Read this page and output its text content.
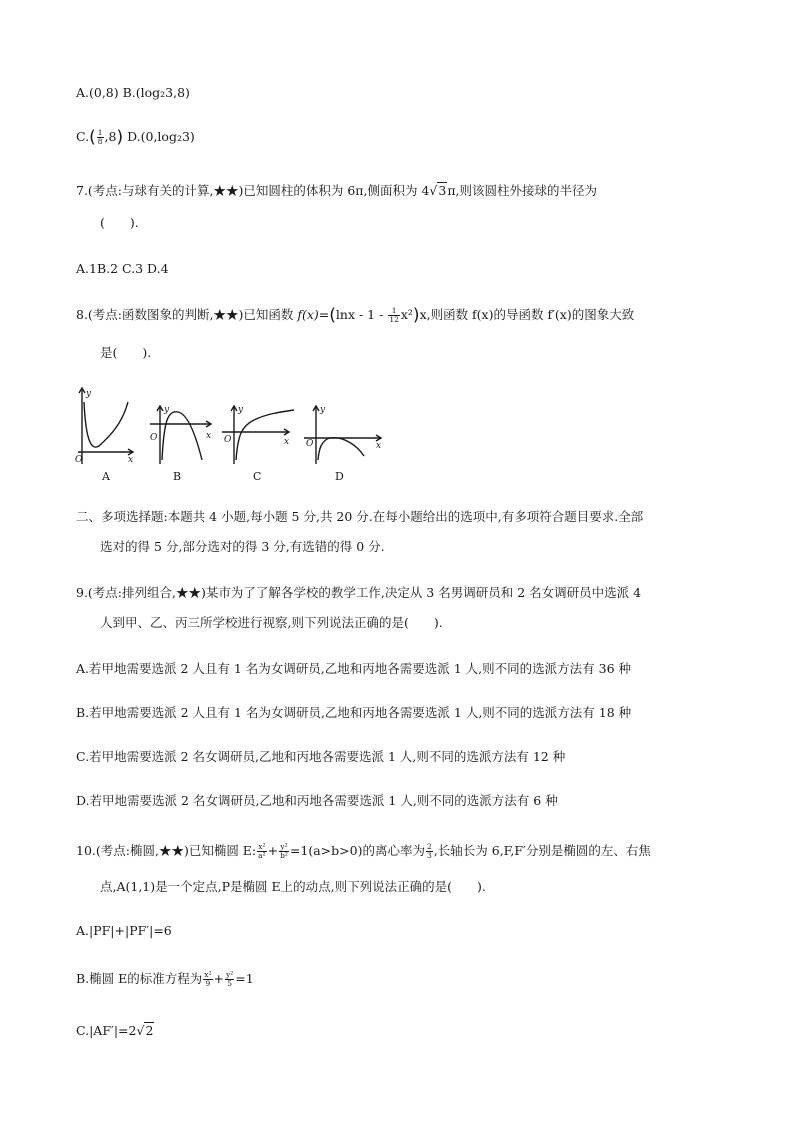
A.(0,8) B.(log₂3,8)
$C.( \frac{1}{8} ,8)$ D.(0,log₂3)
7.(考点:与球有关的计算,★★)已知圆柱的体积为 6π,侧面积为 4√3π,则该圆柱外接球的半径为
(　　).
A.1B.2 C.3 D.4
8.(考点:函数图象的判断,★★)已知函数 $f(x)=(\ln x - 1 - \frac{1}{12} x^2)x$,则函数 f(x)的导函数 f′(x)的图象大致
是(　　).
y
x
O
y
x
O
y
x
O
y
x
O
A	B	C	D
二、多项选择题:本题共 4 小题,每小题 5 分,共 20 分.在每小题给出的选项中,有多项符合题目要求.全部
选对的得 5 分,部分选对的得 3 分,有选错的得 0 分.
9.(考点:排列组合,★★)某市为了了解各学校的教学工作,决定从 3 名男调研员和 2 名女调研员中选派 4
人到甲、乙、丙三所学校进行视察,则下列说法正确的是(　　).
A.若甲地需要选派 2 人且有 1 名为女调研员,乙地和丙地各需要选派 1 人,则不同的选派方法有 36 种
B.若甲地需要选派 2 人且有 1 名为女调研员,乙地和丙地各需要选派 1 人,则不同的选派方法有 18 种
C.若甲地需要选派 2 名女调研员,乙地和丙地各需要选派 1 人,则不同的选派方法有 12 种
D.若甲地需要选派 2 名女调研员,乙地和丙地各需要选派 1 人,则不同的选派方法有 6 种
10.(考点:椭圆,★★)已知椭圆 E: $\frac{\text{x²}}{\text{a²}} + \frac{\text{y²}}{\text{b²}} =1(a>b>0)$的离心率为 $\frac{2}{3}$ ,长轴长为 6,F,F′分别是椭圆的左、右焦
点,A(1,1)是一个定点,P是椭圆 E上的动点,则下列说法正确的是(　　).
A.|PF|+|PF′|=6
B.椭圆 E的标准方程为 $\frac{\text{x²}}{9} + \frac{\text{y²}}{5} =1$
C.|AF′|=2√2
